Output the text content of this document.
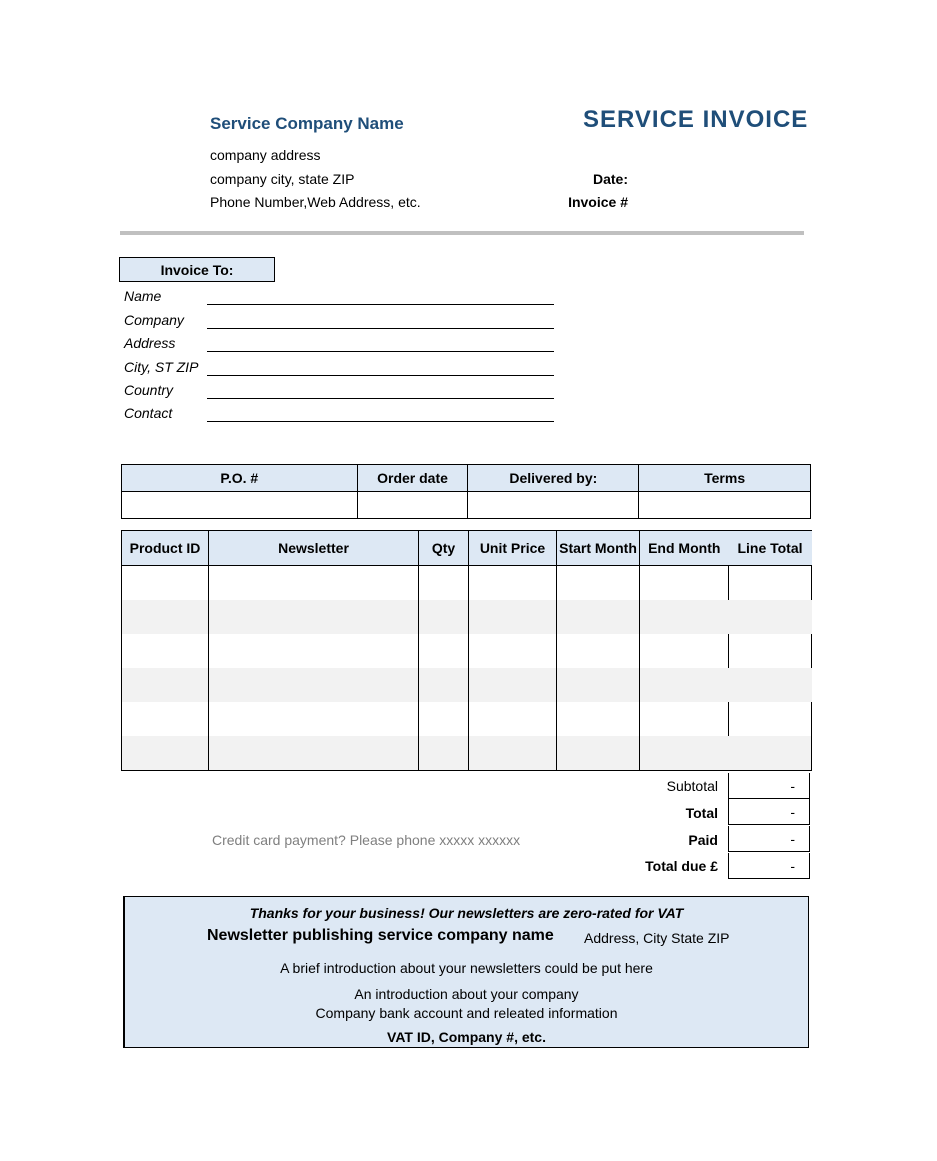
Service Company Name	SERVICE INVOICE
company address
company city, state ZIP
Phone Number,Web Address, etc.
Date:
Invoice #
Invoice To:
Name
Company
Address
City, ST ZIP
Country
Contact
P.O. #	Order date	Delivered by:	Terms

Product ID	Newsletter	Qty	Unit Price	Start Month	End Month	Line Total

Subtotal	-
Total	-
Paid	-
Total due £	-
Credit card payment? Please phone xxxxx xxxxxx
Thanks for your business! Our newsletters are zero-rated for VAT
Newsletter publishing service company name Address, City State ZIP
A brief introduction about your newsletters could be put here
An introduction about your company
Company bank account and releated information
VAT ID, Company #, etc.
